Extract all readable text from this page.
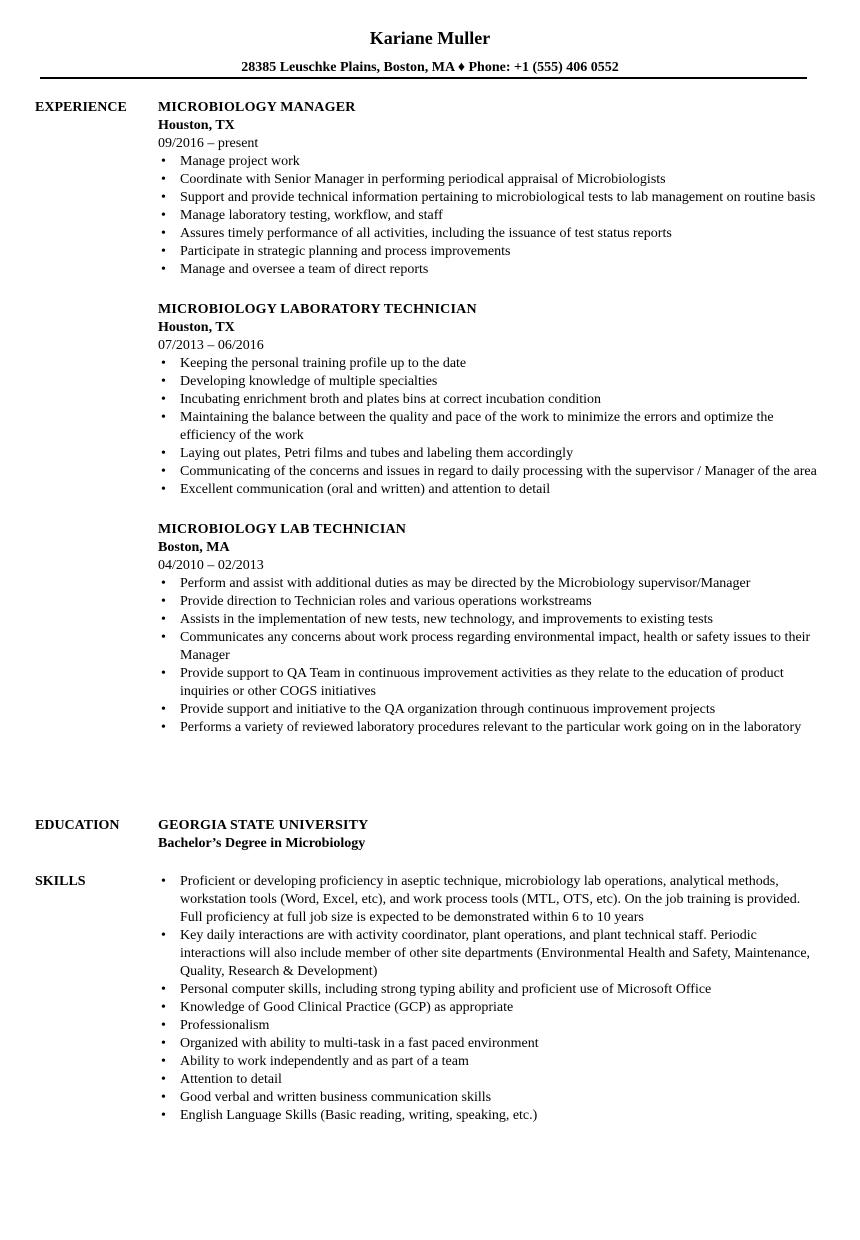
Kariane Muller
28385 Leuschke Plains, Boston, MA ♦ Phone: +1 (555) 406 0552
EXPERIENCE MICROBIOLOGY MANAGER
Houston, TX
09/2016 – present
• Manage project work
• Coordinate with Senior Manager in performing periodical appraisal of Microbiologists
• Support and provide technical information pertaining to microbiological tests to lab management on routine basis
• Manage laboratory testing, workflow, and staff
• Assures timely performance of all activities, including the issuance of test status reports
• Participate in strategic planning and process improvements
• Manage and oversee a team of direct reports
MICROBIOLOGY LABORATORY TECHNICIAN
Houston, TX
07/2013 – 06/2016
• Keeping the personal training profile up to the date
• Developing knowledge of multiple specialties
• Incubating enrichment broth and plates bins at correct incubation condition
• Maintaining the balance between the quality and pace of the work to minimize the errors and optimize the efficiency of the work
• Laying out plates, Petri films and tubes and labeling them accordingly
• Communicating of the concerns and issues in regard to daily processing with the supervisor / Manager of the area
• Excellent communication (oral and written) and attention to detail
MICROBIOLOGY LAB TECHNICIAN
Boston, MA
04/2010 – 02/2013
• Perform and assist with additional duties as may be directed by the Microbiology supervisor/Manager
• Provide direction to Technician roles and various operations workstreams
• Assists in the implementation of new tests, new technology, and improvements to existing tests
• Communicates any concerns about work process regarding environmental impact, health or safety issues to their Manager
• Provide support to QA Team in continuous improvement activities as they relate to the education of product inquiries or other COGS initiatives
• Provide support and initiative to the QA organization through continuous improvement projects
• Performs a variety of reviewed laboratory procedures relevant to the particular work going on in the laboratory
EDUCATION	GEORGIA STATE UNIVERSITY
Bachelor’s Degree in Microbiology
SKILLS
•	Proficient or developing proficiency in aseptic technique, microbiology lab operations, analytical methods, workstation tools (Word, Excel, etc), and work process tools (MTL, OTS, etc). On the job training is provided. Full proficiency at full job size is expected to be demonstrated within 6 to 10 years
• Key daily interactions are with activity coordinator, plant operations, and plant technical staff. Periodic interactions will also include member of other site departments (Environmental Health and Safety, Maintenance, Quality, Research & Development)
• Personal computer skills, including strong typing ability and proficient use of Microsoft Office
• Knowledge of Good Clinical Practice (GCP) as appropriate
• Professionalism
• Organized with ability to multi-task in a fast paced environment
• Ability to work independently and as part of a team
• Attention to detail
• Good verbal and written business communication skills
• English Language Skills (Basic reading, writing, speaking, etc.)
